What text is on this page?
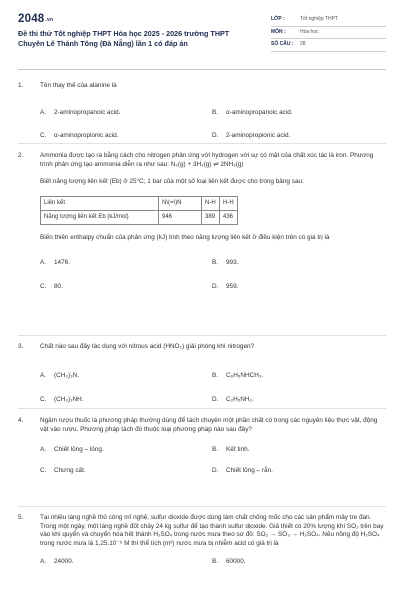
2048.vn
Đề thi thử Tốt nghiệp THPT Hóa học 2025 - 2026 trường THPT Chuyên Lê Thánh Tông (Đà Nẵng) lần 1 có đáp án
LỚP :	Tốt nghiệp THPT
MÔN :	Hóa học
SỐ CÂU :	28
1.	Tên thay thế của alanine là
A.	2-aminopropanoic acid.	B.	α-aminopropanoic acid.
C.	α-aminopropionic acid.	D.	2-aminopropionic acid.
2.	Ammonia được tạo ra bằng cách cho nitrogen phản ứng với hydrogen với sự có mặt của chất xúc tác là iron. Phương trình phản ứng tạo ammonia diễn ra như sau: N₂(g) + 3H₂(g) ⇌ 2NH₃(g)
Biết năng lượng liên kết (Eb) ở 25°C; 1 bar của một số loại liên kết được cho trong bảng sau:
Liên kết	N\(=\)N	N-H	H-H
Năng lượng liên kết Eb (kJ/mol)	946	389	436
Biến thiên enthalpy chuẩn của phản ứng (kJ) tính theo năng lượng liên kết ở điều kiện trên có giá trị là
A.	1476.	B.	993.
C.	80.	D.	959.
3.	Chất nào sau đây tác dụng với nitrous acid (HNO₂) giải phóng khí nitrogen?
A.	(CH₃)₃N.	B.	C₆H₅NHCH₃.
C.	(CH₃)₂NH.	D.	C₂H₅NH₂.
4.	Ngâm rượu thuốc là phương pháp thường dùng để tách chuyên một phần chất có trong các nguyên liệu thực vật, động vật vào rượu. Phương pháp tách đó thuộc loại phương pháp nào sau đây?
A.	Chiết lỏng – lỏng.	B.	Kết tinh.
C.	Chưng cất.	D.	Chiết lỏng – rắn.
5.	Tại nhiều làng nghề thủ công mĩ nghệ, sulfur dioxide được dùng làm chất chống mốc cho các sản phẩm mây tre đan. Trong một ngày, một làng nghề đốt cháy 24 kg sulfur để tạo thành sulfur dioxide. Giả thiết có 20% lượng khí SO₂ trên bay vào khí quyển và chuyển hóa hết thành H₂SO₄ trong nước mưa theo sơ đồ: SO₂ → SO₃ → H₂SO₄. Nếu nồng độ H₂SO₄ trong nước mưa là 1,25.10⁻⁵ M thì thể tích (m³) nước mưa bị nhiễm acid có giá trị là
A.	24000.	B.	60000.
